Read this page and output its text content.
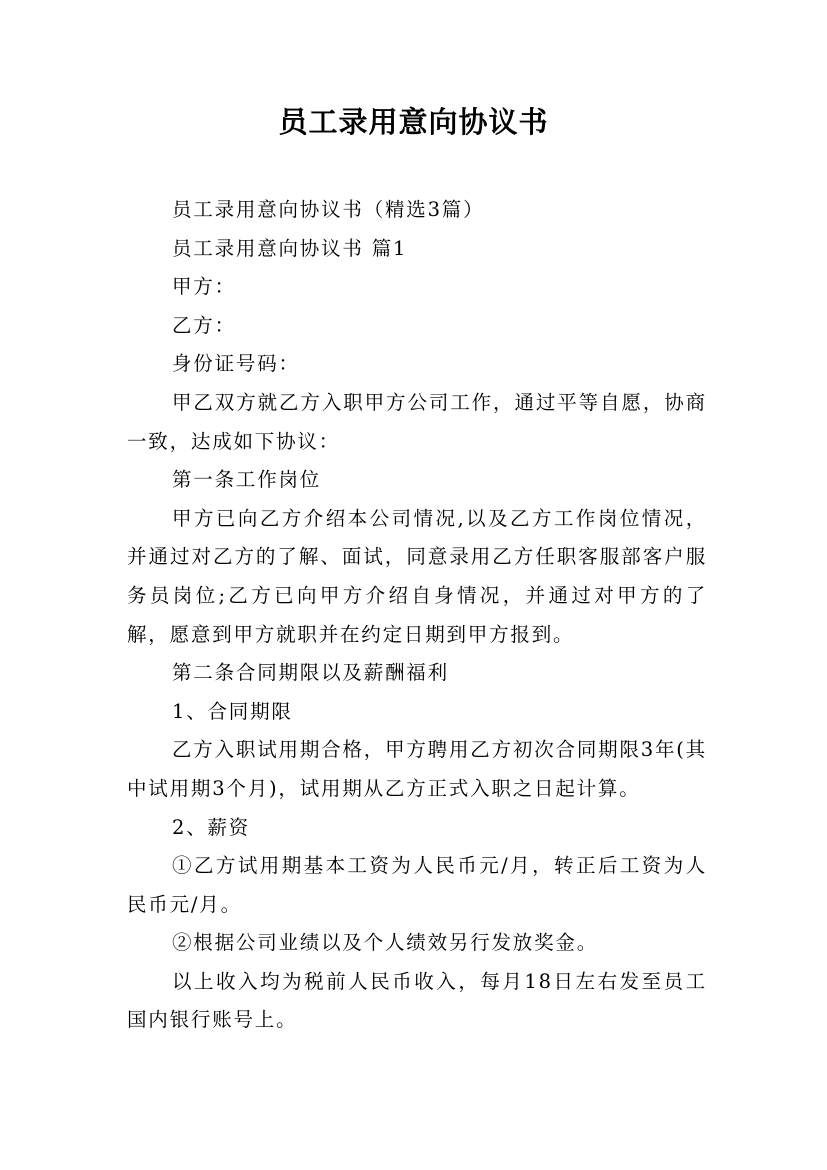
员工录用意向协议书

员工录用意向协议书（精选3篇）

员工录用意向协议书 篇1

甲方：

乙方：

身份证号码：

甲乙双方就乙方入职甲方公司工作，通过平等自愿，协商一致，达成如下协议：

第一条工作岗位

甲方已向乙方介绍本公司情况,以及乙方工作岗位情况，并通过对乙方的了解、面试，同意录用乙方任职客服部客户服务员岗位;乙方已向甲方介绍自身情况，并通过对甲方的了解，愿意到甲方就职并在约定日期到甲方报到。

第二条合同期限以及薪酬福利

1、合同期限

乙方入职试用期合格，甲方聘用乙方初次合同期限3年(其中试用期3个月)，试用期从乙方正式入职之日起计算。

2、薪资

①乙方试用期基本工资为人民币元/月，转正后工资为人民币元/月。

②根据公司业绩以及个人绩效另行发放奖金。

以上收入均为税前人民币收入，每月18日左右发至员工国内银行账号上。
